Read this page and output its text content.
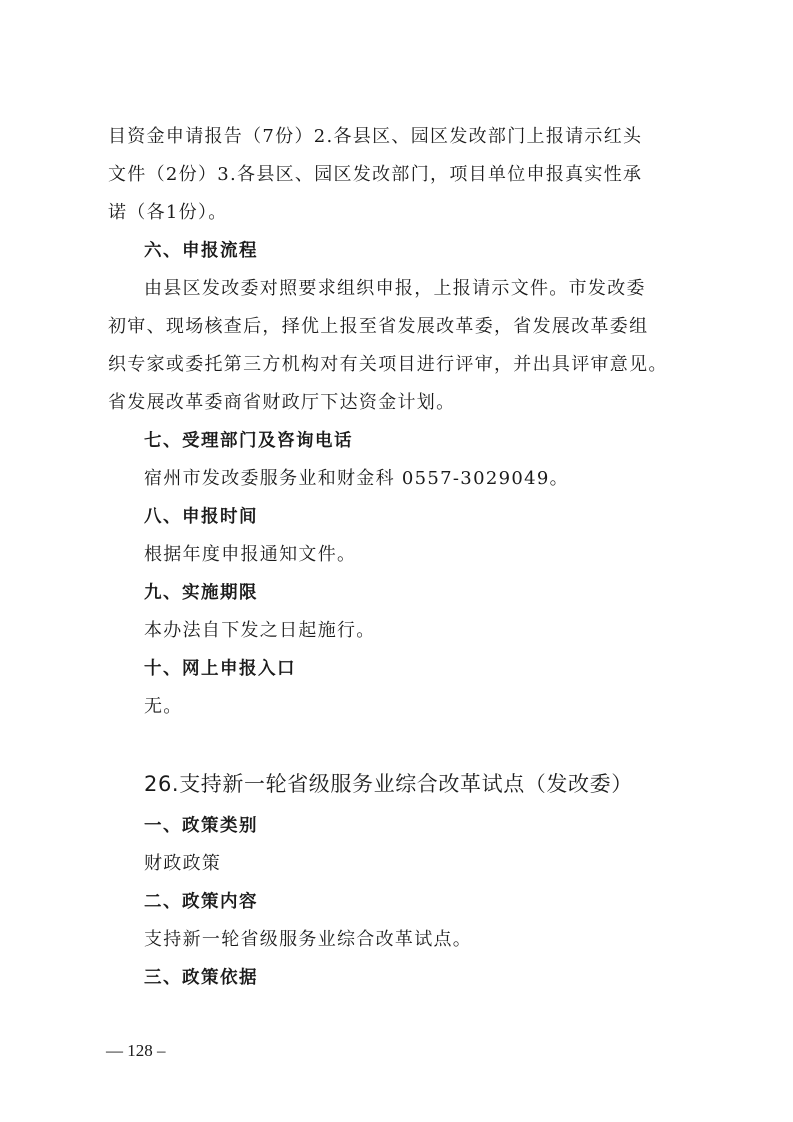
目资金申请报告（7份）2.各县区、园区发改部门上报请示红头
文件（2份）3.各县区、园区发改部门，项目单位申报真实性承
诺（各1份）。
六、申报流程
由县区发改委对照要求组织申报，上报请示文件。市发改委
初审、现场核查后，择优上报至省发展改革委，省发展改革委组
织专家或委托第三方机构对有关项目进行评审，并出具评审意见。
省发展改革委商省财政厅下达资金计划。
七、受理部门及咨询电话
宿州市发改委服务业和财金科 0557-3029049。
八、申报时间
根据年度申报通知文件。
九、实施期限
本办法自下发之日起施行。
十、网上申报入口
无。
26.支持新一轮省级服务业综合改革试点（发改委）
一、政策类别
财政政策
二、政策内容
支持新一轮省级服务业综合改革试点。
三、政策依据
— 128 –
